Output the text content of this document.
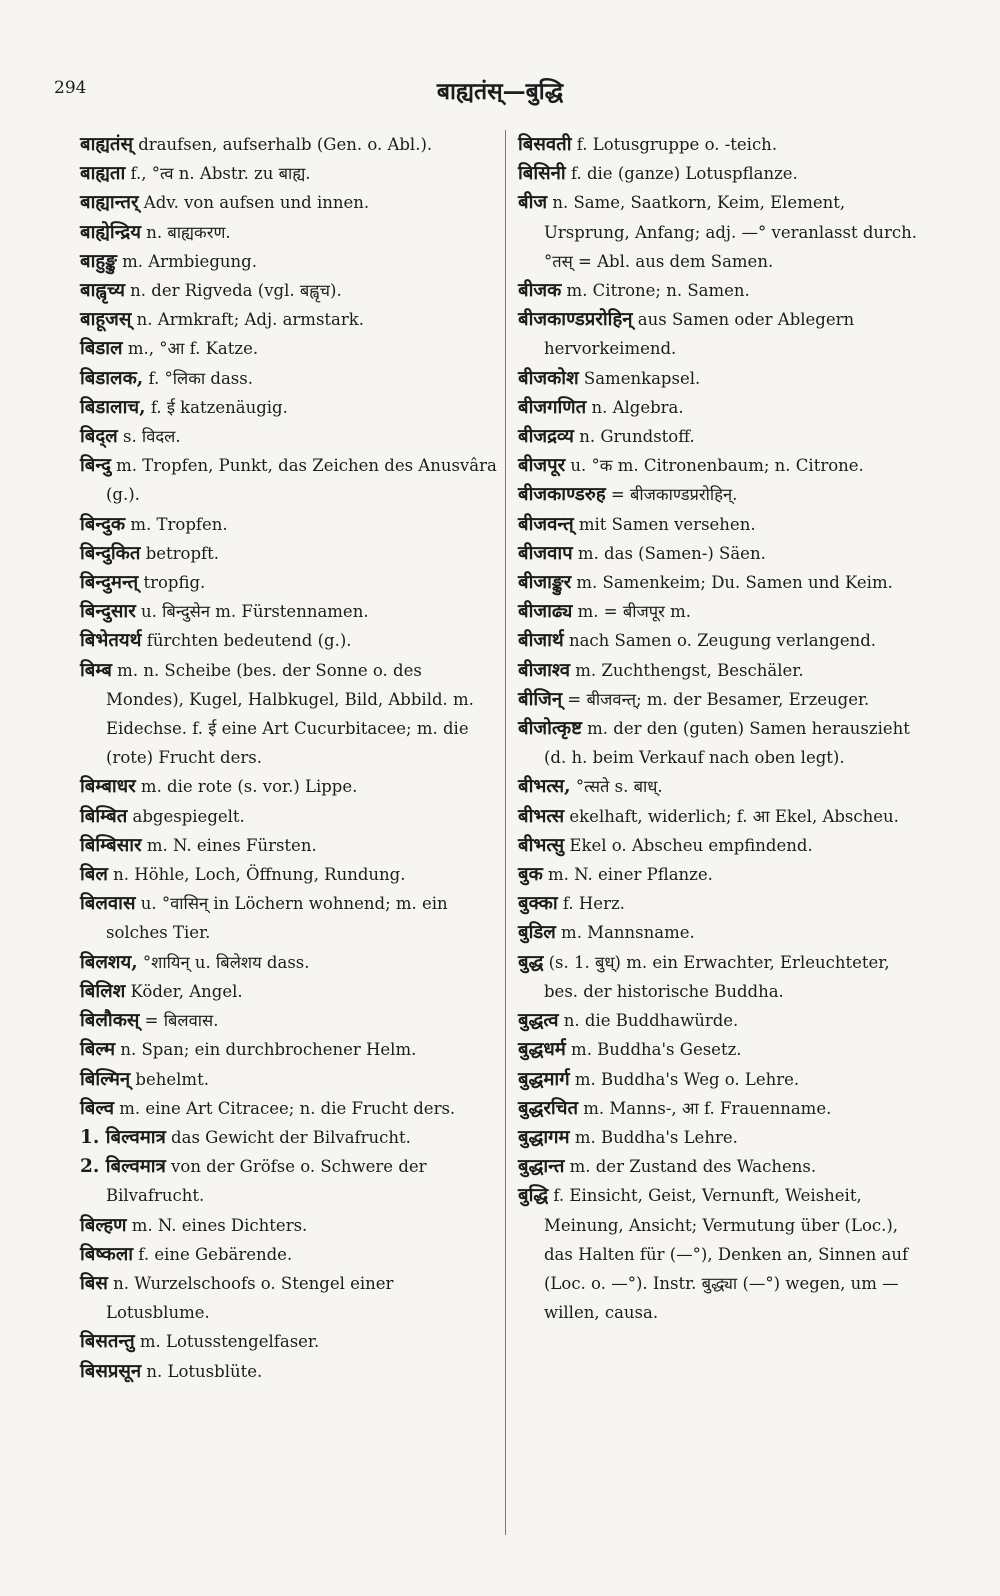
294	बाह्यतंस्—बुद्धि

बाह्यतंस् draufsen, aufserhalb (Gen. o. Abl.).

बाह्यता f., °त्व n. Abstr. zu बाह्य.

बाह्यान्तर् Adv. von aufsen und innen.

बाह्येन्द्रिय n. बाह्यकरण.

बाहुङ्कु m. Armbiegung.

बाह्वृच्य n. der Rigveda (vgl. बह्वृच).

बाहूजस् n. Armkraft; Adj. armstark.

बिडाल m., °आ f. Katze.

बिडालक, f. °लिका dass.

बिडालाच, f. ई katzenäugig.

बिद्ल s. विदल.

बिन्दु m. Tropfen, Punkt, das Zeichen des Anusvâra (g.).

बिन्दुक m. Tropfen.

बिन्दुकित betropft.

बिन्दुमन्त् tropfig.

बिन्दुसार u. बिन्दुसेन m. Fürstennamen.

बिभेतयर्थ fürchten bedeutend (g.).

बिम्ब m. n. Scheibe (bes. der Sonne o. des Mondes), Kugel, Halbkugel, Bild, Abbild. m. Eidechse. f. ई eine Art Cucurbitacee; m. die (rote) Frucht ders.

बिम्बाधर m. die rote (s. vor.) Lippe.

बिम्बित abgespiegelt.

बिम्बिसार m. N. eines Fürsten.

बिल n. Höhle, Loch, Öffnung, Rundung.

बिलवास u. °वासिन् in Löchern wohnend; m. ein solches Tier.

बिलशय, °शायिन् u. बिलेशय dass.

बिलिश Köder, Angel.

बिलौकस् = बिलवास.

बिल्म n. Span; ein durchbrochener Helm.

बिल्मिन् behelmt.

बिल्व m. eine Art Citracee; n. die Frucht ders.

1. बिल्वमात्र das Gewicht der Bilvafrucht.

2. बिल्वमात्र von der Gröfse o. Schwere der Bilvafrucht.

बिल्हण m. N. eines Dichters.

बिष्कला f. eine Gebärende.

बिस n. Wurzelschoofs o. Stengel einer Lotusblume.

बिसतन्तु m. Lotusstengelfaser.

बिसप्रसून n. Lotusblüte.

बिसवती f. Lotusgruppe o. -teich.

बिसिनी f. die (ganze) Lotuspflanze.

बीज n. Same, Saatkorn, Keim, Element, Ursprung, Anfang; adj. —° veranlasst durch. °तस् = Abl. aus dem Samen.

बीजक m. Citrone; n. Samen.

बीजकाण्डप्ररोहिन् aus Samen oder Ablegern hervorkeimend.

बीजकोश Samenkapsel.

बीजगणित n. Algebra.

बीजद्रव्य n. Grundstoff.

बीजपूर u. °क m. Citronenbaum; n. Citrone.

बीजकाण्डरुह = बीजकाण्डप्ररोहिन्.

बीजवन्त् mit Samen versehen.

बीजवाप m. das (Samen-) Säen.

बीजाङ्कुर m. Samenkeim; Du. Samen und Keim.

बीजाढ्य m. = बीजपूर m.

बीजार्थ nach Samen o. Zeugung verlangend.

बीजाश्व m. Zuchthengst, Beschäler.

बीजिन् = बीजवन्त्; m. der Besamer, Erzeuger.

बीजोत्कृष्ट m. der den (guten) Samen herauszieht (d. h. beim Verkauf nach oben legt).

बीभत्स, °त्सते s. बाध्.

बीभत्स ekelhaft, widerlich; f. आ Ekel, Abscheu.

बीभत्सु Ekel o. Abscheu empfindend.

बुक m. N. einer Pflanze.

बुक्का f. Herz.

बुडिल m. Mannsname.

बुद्ध (s. 1. बुध्) m. ein Erwachter, Erleuchteter, bes. der historische Buddha.

बुद्धत्व n. die Buddhawürde.

बुद्धधर्म m. Buddha's Gesetz.

बुद्धमार्ग m. Buddha's Weg o. Lehre.

बुद्धरचित m. Manns-, आ f. Frauenname.

बुद्धागम m. Buddha's Lehre.

बुद्धान्त m. der Zustand des Wachens.

बुद्धि f. Einsicht, Geist, Vernunft, Weisheit, Meinung, Ansicht; Vermutung über (Loc.), das Halten für (—°), Denken an, Sinnen auf (Loc. o. —°). Instr. बुद्ध्या (—°) wegen, um — willen, causa.
